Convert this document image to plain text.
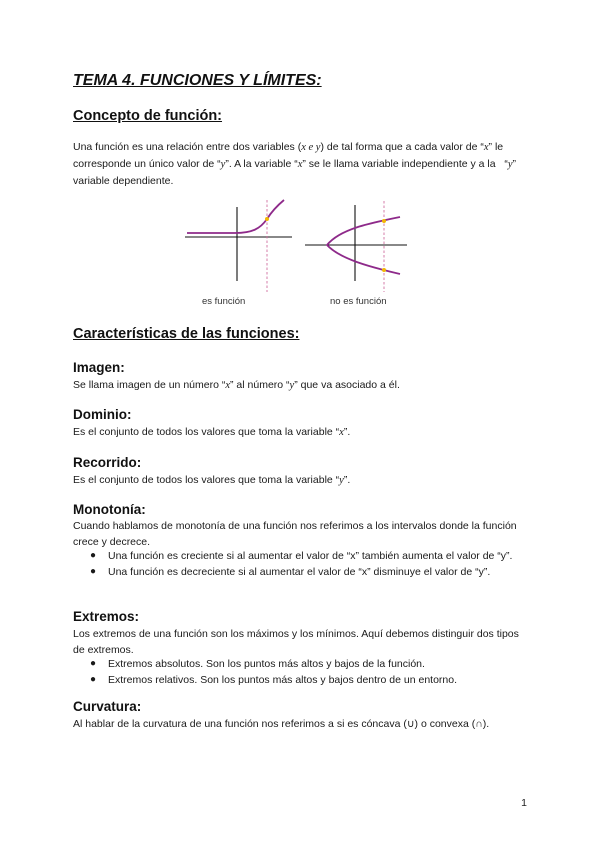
TEMA 4. FUNCIONES Y LÍMITES:
Concepto de función:

Una función es una relación entre dos variables (x e y) de tal forma que a cada valor de “x” le corresponde un único valor de “y”. A la variable “x” se le llama variable independiente y a la   “y” variable dependiente.

es función	no es función
Características de las funciones:
Imagen:

Se llama imagen de un número “x” al número “y” que va asociado a él.

Dominio:

Es el conjunto de todos los valores que toma la variable “x”.

Recorrido:

Es el conjunto de todos los valores que toma la variable “y”.

Monotonía:

Cuando hablamos de monotonía de una función nos referimos a los intervalos donde la función crece y decrece.

● Una función es creciente si al aumentar el valor de “x” también aumenta el valor de “y”.
● Una función es decreciente si al aumentar el valor de “x” disminuye el valor de “y”.
Extremos:

Los extremos de una función son los máximos y los mínimos. Aquí debemos distinguir dos tipos de extremos.

● Extremos absolutos. Son los puntos más altos y bajos de la función.
● Extremos relativos. Son los puntos más altos y bajos dentro de un entorno.
Curvatura:

Al hablar de la curvatura de una función nos referimos a si es cóncava (∪) o convexa (∩).

1
